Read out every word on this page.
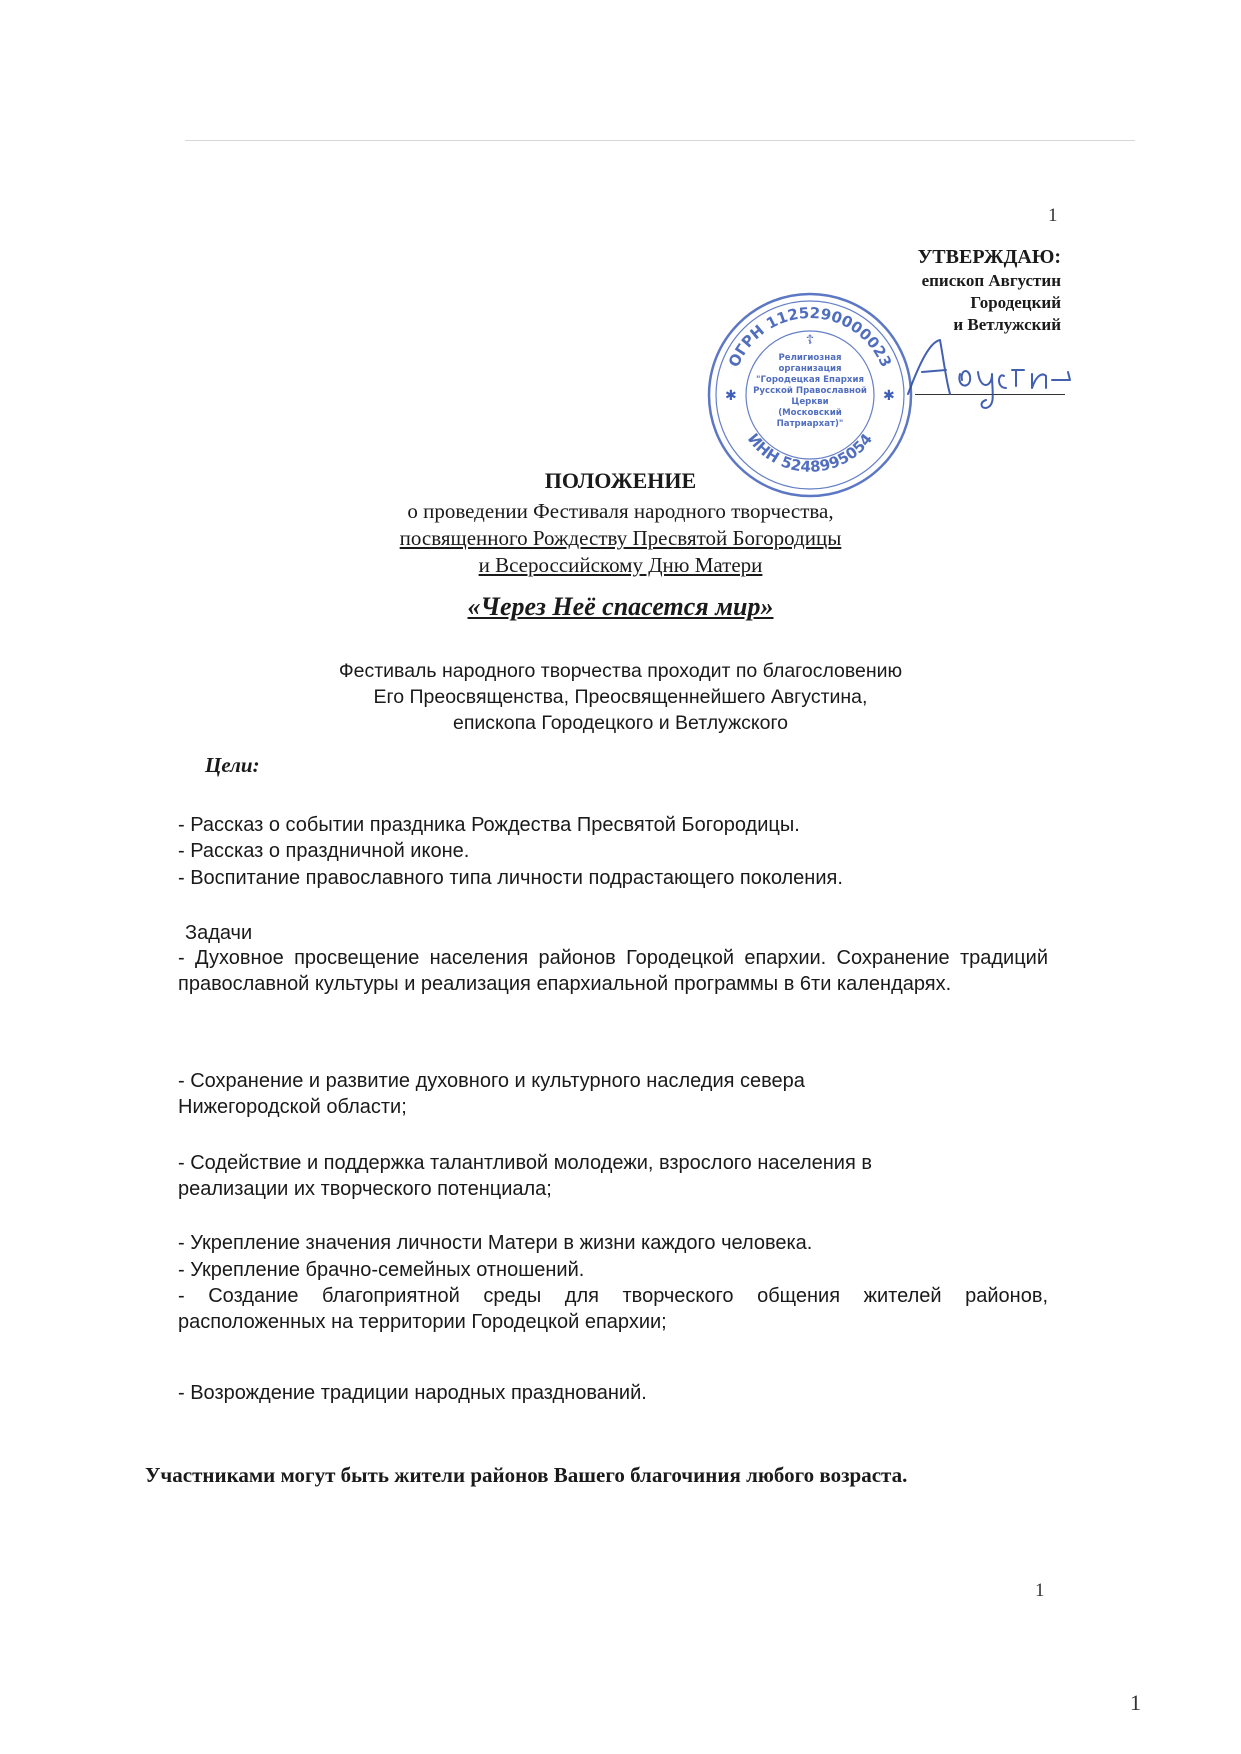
1
УТВЕРЖДАЮ:
епископ Августин
Городецкий
и Ветлужский
ОГРН 1125290000023
ИНН 5248995054
✱	✱
☦
Религиозная
организация
"Городецкая Епархия
Русской Православной
Церкви
(Московский
Патриархат)"
ПОЛОЖЕНИЕ
о проведении Фестиваля народного творчества,
посвященного Рождеству Пресвятой Богородицы
и Всероссийскому Дню Матери
«Через Неё спасется мир»
Фестиваль народного творчества проходит по благословению
Его Преосвященства, Преосвященнейшего Августина,
епископа Городецкого и Ветлужского
Цели:
- Рассказ о событии праздника Рождества Пресвятой Богородицы.
- Рассказ о праздничной иконе.
- Воспитание православного типа личности подрастающего поколения.
Задачи
- Духовное просвещение населения районов Городецкой епархии. Сохранение традиций православной культуры и реализация епархиальной программы в 6ти календарях.
- Сохранение и развитие духовного и культурного наследия севера Нижегородской области;
- Содействие и поддержка талантливой молодежи, взрослого населения в реализации их творческого потенциала;
- Укрепление значения личности Матери в жизни каждого человека.
- Укрепление брачно-семейных отношений.
- Создание благоприятной среды для творческого общения жителей районов, расположенных на территории Городецкой епархии;
- Возрождение традиции народных празднований.
Участниками могут быть жители районов Вашего благочиния любого возраста.
1
1
